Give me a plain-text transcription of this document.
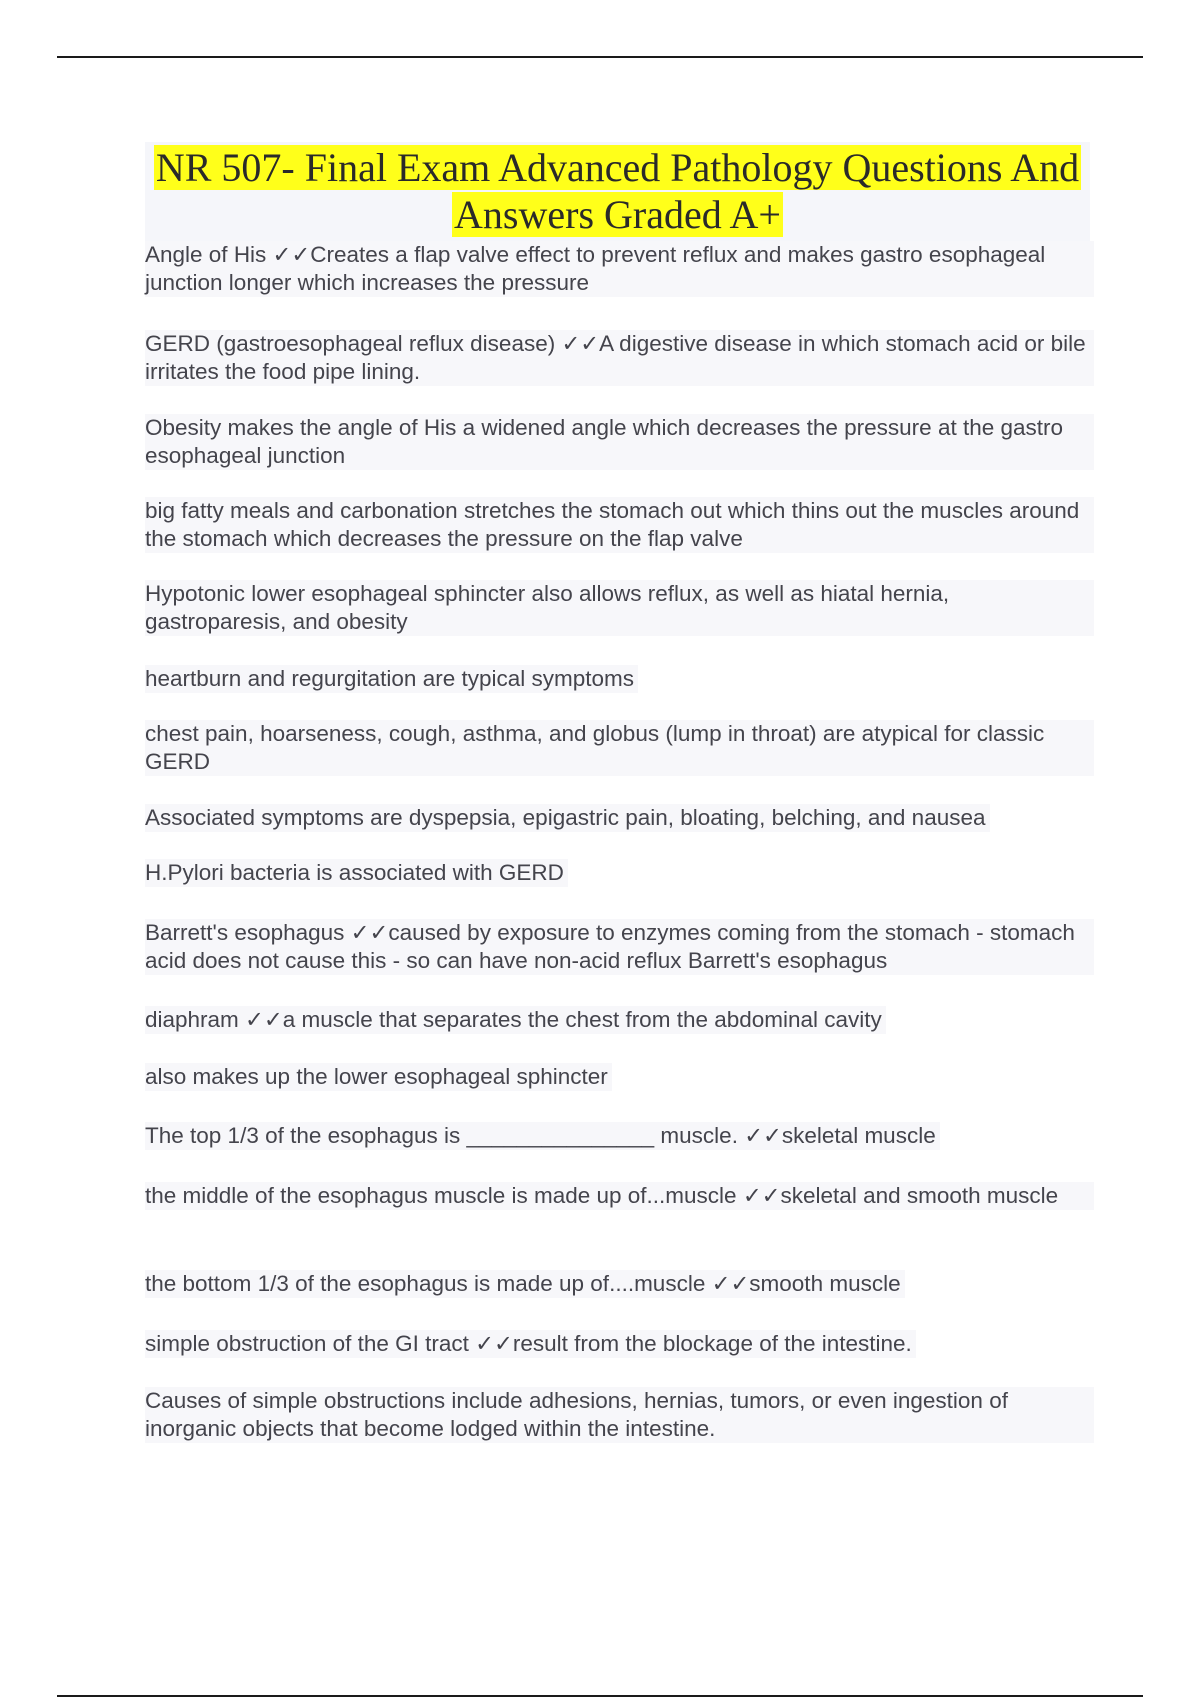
NR 507- Final Exam Advanced Pathology Questions And
Answers Graded A+
Angle of His ✓✓Creates a flap valve effect to prevent reflux and makes gastro esophageal junction longer which increases the pressure
GERD (gastroesophageal reflux disease) ✓✓A digestive disease in which stomach acid or bile irritates the food pipe lining.
Obesity makes the angle of His a widened angle which decreases the pressure at the gastro esophageal junction
big fatty meals and carbonation stretches the stomach out which thins out the muscles around the stomach which decreases the pressure on the flap valve
Hypotonic lower esophageal sphincter also allows reflux, as well as hiatal hernia, gastroparesis, and obesity
heartburn and regurgitation are typical symptoms
chest pain, hoarseness, cough, asthma, and globus (lump in throat) are atypical for classic GERD
Associated symptoms are dyspepsia, epigastric pain, bloating, belching, and nausea
H.Pylori bacteria is associated with GERD
Barrett's esophagus ✓✓caused by exposure to enzymes coming from the stomach - stomach acid does not cause this - so can have non-acid reflux Barrett's esophagus
diaphram ✓✓a muscle that separates the chest from the abdominal cavity
also makes up the lower esophageal sphincter
The top 1/3 of the esophagus is _______________ muscle. ✓✓skeletal muscle
the middle of the esophagus muscle is made up of...muscle ✓✓skeletal and smooth muscle
the bottom 1/3 of the esophagus is made up of....muscle ✓✓smooth muscle
simple obstruction of the GI tract ✓✓result from the blockage of the intestine.
Causes of simple obstructions include adhesions, hernias, tumors, or even ingestion of inorganic objects that become lodged within the intestine.
